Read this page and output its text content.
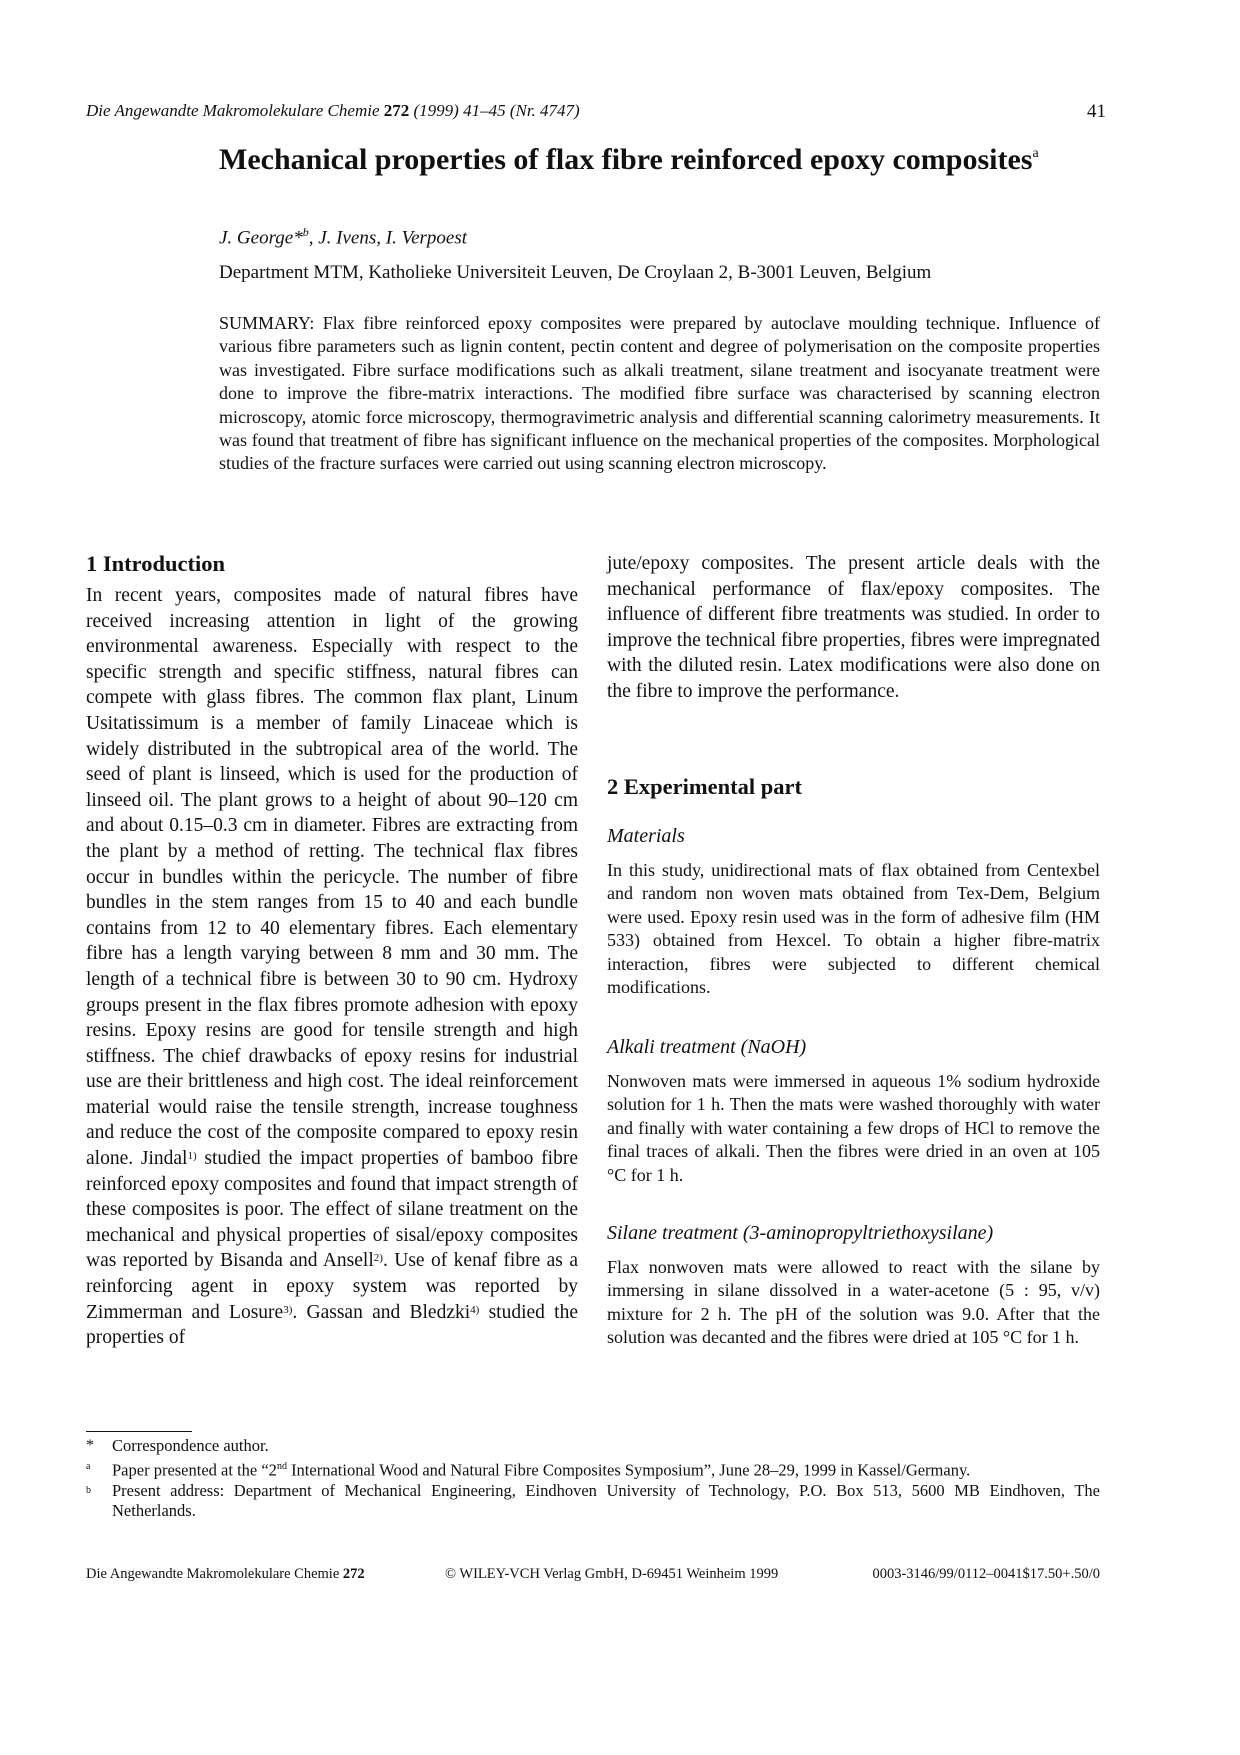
Die Angewandte Makromolekulare Chemie 272 (1999) 41–45 (Nr. 4747)	41
Mechanical properties of flax fibre reinforced epoxy composites$^a$
J. George*$^b$, J. Ivens, I. Verpoest
Department MTM, Katholieke Universiteit Leuven, De Croylaan 2, B-3001 Leuven, Belgium
SUMMARY: Flax fibre reinforced epoxy composites were prepared by autoclave moulding technique. Influence of various fibre parameters such as lignin content, pectin content and degree of polymerisation on the composite properties was investigated. Fibre surface modifications such as alkali treatment, silane treatment and isocyanate treatment were done to improve the fibre-matrix interactions. The modified fibre surface was characterised by scanning electron microscopy, atomic force microscopy, thermogravimetric analysis and differential scanning calorimetry measurements. It was found that treatment of fibre has significant influence on the mechanical properties of the composites. Morphological studies of the fracture surfaces were carried out using scanning electron microscopy.
1 Introduction
In recent years, composites made of natural fibres have received increasing attention in light of the growing environmental awareness. Especially with respect to the specific strength and specific stiffness, natural fibres can compete with glass fibres. The common flax plant, Linum Usitatissimum is a member of family Linaceae which is widely distributed in the subtropical area of the world. The seed of plant is linseed, which is used for the production of linseed oil. The plant grows to a height of about 90–120 cm and about 0.15–0.3 cm in diameter. Fibres are extracting from the plant by a method of retting. The technical flax fibres occur in bundles within the pericycle. The number of fibre bundles in the stem ranges from 15 to 40 and each bundle contains from 12 to 40 elementary fibres. Each elementary fibre has a length varying between 8 mm and 30 mm. The length of a technical fibre is between 30 to 90 cm. Hydroxy groups present in the flax fibres promote adhesion with epoxy resins. Epoxy resins are good for tensile strength and high stiffness. The chief drawbacks of epoxy resins for industrial use are their brittleness and high cost. The ideal reinforcement material would raise the tensile strength, increase toughness and reduce the cost of the composite compared to epoxy resin alone. Jindal$^{1)}$ studied the impact properties of bamboo fibre reinforced epoxy composites and found that impact strength of these composites is poor. The effect of silane treatment on the mechanical and physical properties of sisal/epoxy composites was reported by Bisanda and Ansell$^{2)}$. Use of kenaf fibre as a reinforcing agent in epoxy system was reported by Zimmerman and Losure$^{3)}$. Gassan and Bledzki$^{4)}$ studied the properties of
jute/epoxy composites. The present article deals with the mechanical performance of flax/epoxy composites. The influence of different fibre treatments was studied. In order to improve the technical fibre properties, fibres were impregnated with the diluted resin. Latex modifications were also done on the fibre to improve the performance.
2 Experimental part
Materials
In this study, unidirectional mats of flax obtained from Centexbel and random non woven mats obtained from Tex-Dem, Belgium were used. Epoxy resin used was in the form of adhesive film (HM 533) obtained from Hexcel. To obtain a higher fibre-matrix interaction, fibres were subjected to different chemical modifications.
Alkali treatment (NaOH)
Nonwoven mats were immersed in aqueous 1% sodium hydroxide solution for 1 h. Then the mats were washed thoroughly with water and finally with water containing a few drops of HCl to remove the final traces of alkali. Then the fibres were dried in an oven at 105 °C for 1 h.
Silane treatment (3-aminopropyltriethoxysilane)
Flax nonwoven mats were allowed to react with the silane by immersing in silane dissolved in a water-acetone (5 : 95, v/v) mixture for 2 h. The pH of the solution was 9.0. After that the solution was decanted and the fibres were dried at 105 °C for 1 h.
*	Correspondence author.
a	Paper presented at the “2nd International Wood and Natural Fibre Composites Symposium”, June 28–29, 1999 in Kassel/Germany.
b	Present address: Department of Mechanical Engineering, Eindhoven University of Technology, P.O. Box 513, 5600 MB Eindhoven, The Netherlands.
Die Angewandte Makromolekulare Chemie 272	© WILEY-VCH Verlag GmbH, D-69451 Weinheim 1999	0003-3146/99/0112–0041$17.50+.50/0
